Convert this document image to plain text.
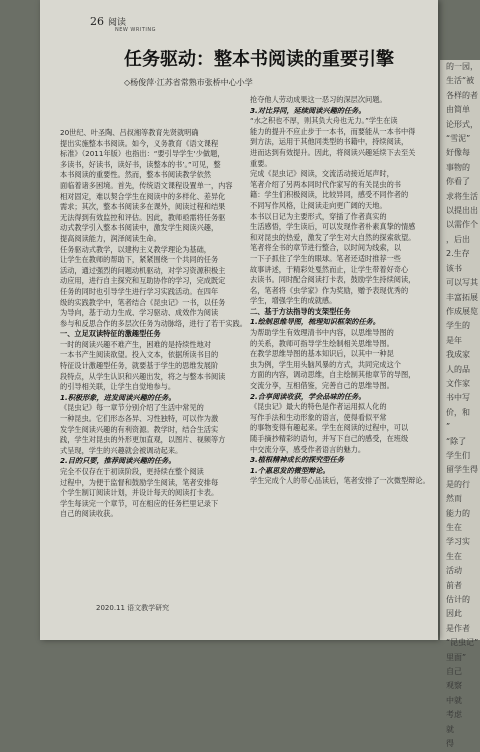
的一园，
生活“被
各样的者
由简单
论形式，
“雪泥”
好像每
事物的
你看了
求将生活
以提出出
以需作个
，后出
2.生存
该书
可以写其
丰富拓展
作成展览
学生的
是年
我成家
人的品
文作家
书中写
价，和
”
“除了
学生们
留学生得
是的行
然而
能力的
生在
学习实
生在
活动
前者
估计的
因此
是作者
“昆虫记”
里面”
自己
观察
中就
考虑
就
得
26 阅读
NEW WRITING
任务驱动：整本书阅读的重要引擎
◇杨俊萍·江苏省常熟市张桥中心小学
20世纪、叶圣陶、吕叔湘等教育先贤就明确
提出实施整本书阅读。如今，义务教育《语文课程
标准》（2011年版）也指出：“要引导学生‘少做题，
多读书，好读书，读好书，读整本的书’。”可见，整
本书阅读的重要性。然而，整本书阅读教学依然
面临着诸多困境。首先，传统语文课程设置单一，内容
相对固定，难以契合学生在阅读中的多样化、差异化
需求；其次，整本书阅读多在课外，阅读过程和结果
无法得到有效监控和评估。因此，教师亟需将任务驱
动式教学引入整本书阅读中，激发学生阅读兴趣，
提高阅读能力，润泽阅读生命。
任务驱动式教学，以建构主义教学理论为基础，
让学生在教师的帮助下，紧紧围绕一个共同的任务
活动，通过强烈的问题动机驱动，对学习资源积极主
动应用，进行自主探究和互助协作的学习，完成既定
任务的同时也引导学生进行学习实践活动。在四年
级的实践教学中，笔者结合《昆虫记》一书，以任务
为导向，基于动力生成、学习驱动、成效作为阅读
参与和反思合作的多层次任务为动脉络，进行了若干实践。
一、立足双读特征的激趣型任务
一时的阅读兴趣不难产生，困难的是持续性地对
一本书产生阅读欲望。投入文本，依据所读书目的
特征设计激趣型任务，就要基于学生的思维发展阶
段特点，从学生认识和兴趣出发，将之与整本书阅读
的引导相关联，让学生自觉地参与。
1.积极形象，进发阅读兴趣的任务。
《昆虫记》每一章节分别介绍了生活中常见的
一种昆虫。它们形态各异、习性独特，可以作为激
发学生阅读兴趣的有利资源。教学时，结合生活实
践，学生对昆虫的外形更加直观，以图片、视频等方
式呈现，学生的兴趣就会被调动起来。
2.目的只要，推荐阅读兴趣的任务。
完全不仅存在于初读阶段，更持续在整个阅读
过程中，为便于监督和鼓励学生阅读，笔者安排每
个学生制订阅读计划，并设计每天的阅读打卡表。
学生每读完一个章节，可在相应的任务栏里记录下
自己的阅读收获。
抢夺他人劳动成果这一恶习的深层次问题。
3.对比异同，延续阅读兴趣的任务。
“水之积也不厚，则其负大舟也无力。”学生在读
能力的提升不应止步于一本书，而要能从一本书中得
到方法，运用于其他同类型的书籍中，持续阅读，
进而达到有效提升。因此，将阅读兴趣延续下去至关
重要。
完成《昆虫记》阅读，交流活动接近尾声时，
笔者介绍了另两本同时代作家写的有关昆虫的书
籍：学生们积极阅读，比较异同，感受不同作者的
不同写作风格，让阅读走向更广阔的天地。
本书以日记为主要形式，穿插了作者真实的
生活感悟，学生读后，可以发现作者朴素真挚的情感
和对昆虫的热爱，激发了学生对大自然的探索欲望。
笔者将全书的章节进行整合，以时间为线索，以
一下子抓住了学生的眼球。笔者还适时推荐一些
故事讲述，于精彩处戛然而止，让学生带着好奇心
去读书。同时配合阅读打卡表，鼓励学生持续阅读，
名，笔者将《虫学家》作为奖励，赠予表现优秀的
学生，增强学生的成就感。
二、基于方法指导的支架型任务
1.绘制思维导图，梳理知识框架的任务。
为帮助学生有效理清书中内容，以思维导图的
的关系，教师可指导学生绘制相关思维导图。
在教学思维导图的基本知识后，以其中一种昆
虫为例，学生用头脑风暴的方式，共同完成这个
方面的内容，调动思维，自主绘制其他章节的导图，
交流分享，互相借鉴，完善自己的思维导图。
2.合享阅读收获，学会品味的任务。
《昆虫记》最大的特色是作者运用拟人化的
写作手法和生动形象的语言，使得看似平常
的事物变得有趣起来。学生在阅读的过程中，可以
随手摘抄精彩的语句，并写下自己的感受，在班级
中交流分享，感受作者语言的魅力。
3.植根精神成长的探究型任务
1.个惠思发的微型辩论。
学生完成个人的带心品读后，笔者安排了一次微型辩论。
2020.11 语文教学研究
